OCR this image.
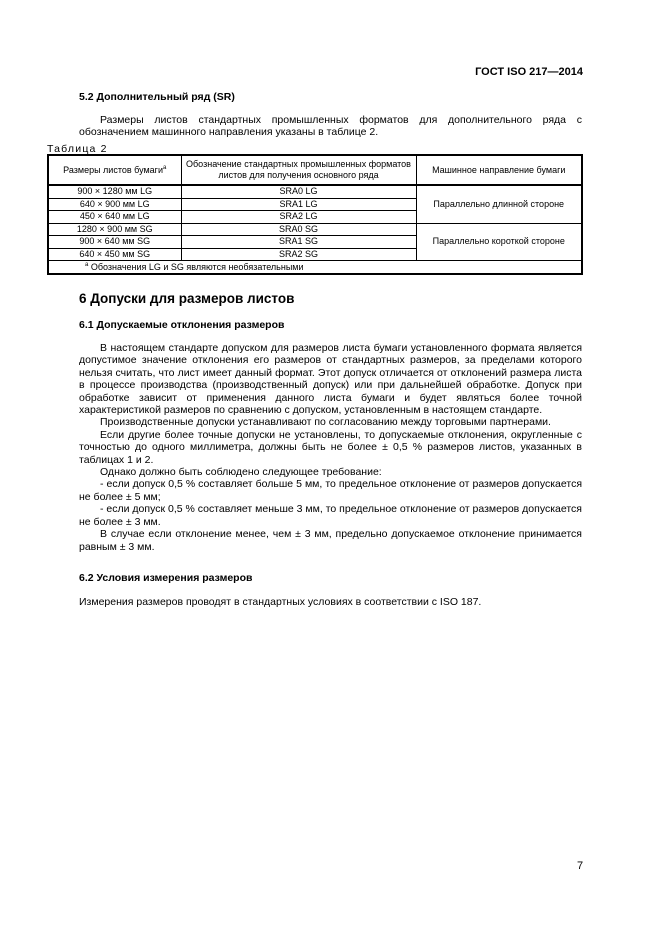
ГОСТ ISO 217—2014
5.2 Дополнительный ряд (SR)

Размеры листов стандартных промышленных форматов для дополнительного ряда с обозначением машинного направления указаны в таблице 2.

Таблица 2
Размеры листов бумаги$^a$	Обозначение стандартных промышленных форматов листов для получения основного ряда	Машинное направление бумаги
900 × 1280 мм LG	SRA0 LG	Параллельно длинной стороне
640 × 900 мм LG	SRA1 LG	
450 × 640 мм LG	SRA2 LG	
1280 × 900 мм SG	SRA0 SG	Параллельно короткой стороне
900 × 640 мм SG	SRA1 SG	
640 × 450 мм SG	SRA2 SG	
$^a$ Обозначения LG и SG являются необязательными		
6 Допуски для размеров листов
6.1 Допускаемые отклонения размеров

В настоящем стандарте допуском для размеров листа бумаги установленного формата является допустимое значение отклонения его размеров от стандартных размеров, за пределами которого нельзя считать, что лист имеет данный формат. Этот допуск отличается от отклонений размера листа в процессе производства (производственный допуск) или при дальнейшей обработке. Допуск при обработке зависит от применения данного листа бумаги и будет являться более точной характеристикой размеров по сравнению с допуском, установленным в настоящем стандарте.

Производственные допуски устанавливают по согласованию между торговыми партнерами.

Если другие более точные допуски не установлены, то допускаемые отклонения, округленные с точностью до одного миллиметра, должны быть не более ± 0,5 % размеров листов, указанных в таблицах 1 и 2.

Однако должно быть соблюдено следующее требование:

- если допуск 0,5 % составляет больше 5 мм, то предельное отклонение от размеров допускается не более ± 5 мм;

- если допуск 0,5 % составляет меньше 3 мм, то предельное отклонение от размеров допускается не более ± 3 мм.

В случае если отклонение менее, чем ± 3 мм, предельно допускаемое отклонение принимается равным ± 3 мм.

6.2 Условия измерения размеров

Измерения размеров проводят в стандартных условиях в соответствии с ISO 187.

7
